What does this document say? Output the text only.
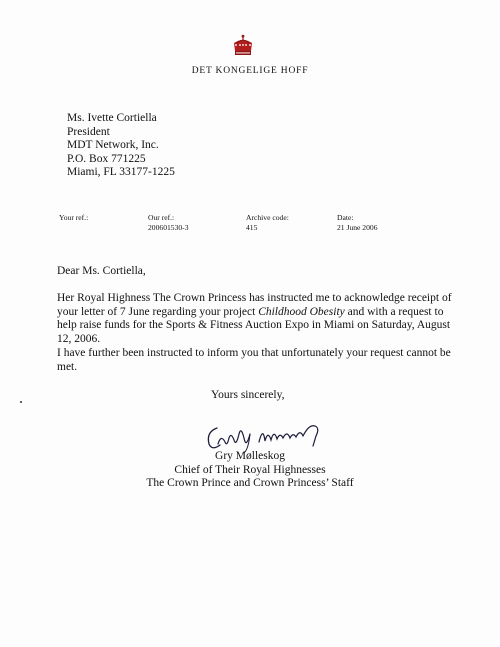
DET KONGELIGE HOFF
Ms. Ivette Cortiella
President
MDT Network, Inc.
P.O. Box 771225
Miami, FL 33177-1225
Your ref.:	Our ref.:
200601530-3
Archive code:
415
Date:
21 June 2006
Dear Ms. Cortiella,
Her Royal Highness The Crown Princess has instructed me to acknowledge receipt of your letter of 7 June regarding your project Childhood Obesity and with a request to help raise funds for the Sports & Fitness Auction Expo in Miami on Saturday, August 12, 2006.
I have further been instructed to inform you that unfortunately your request cannot be met.
Yours sincerely,
Gry Mølleskog
Chief of Their Royal Highnesses
The Crown Prince and Crown Princess’ Staff
